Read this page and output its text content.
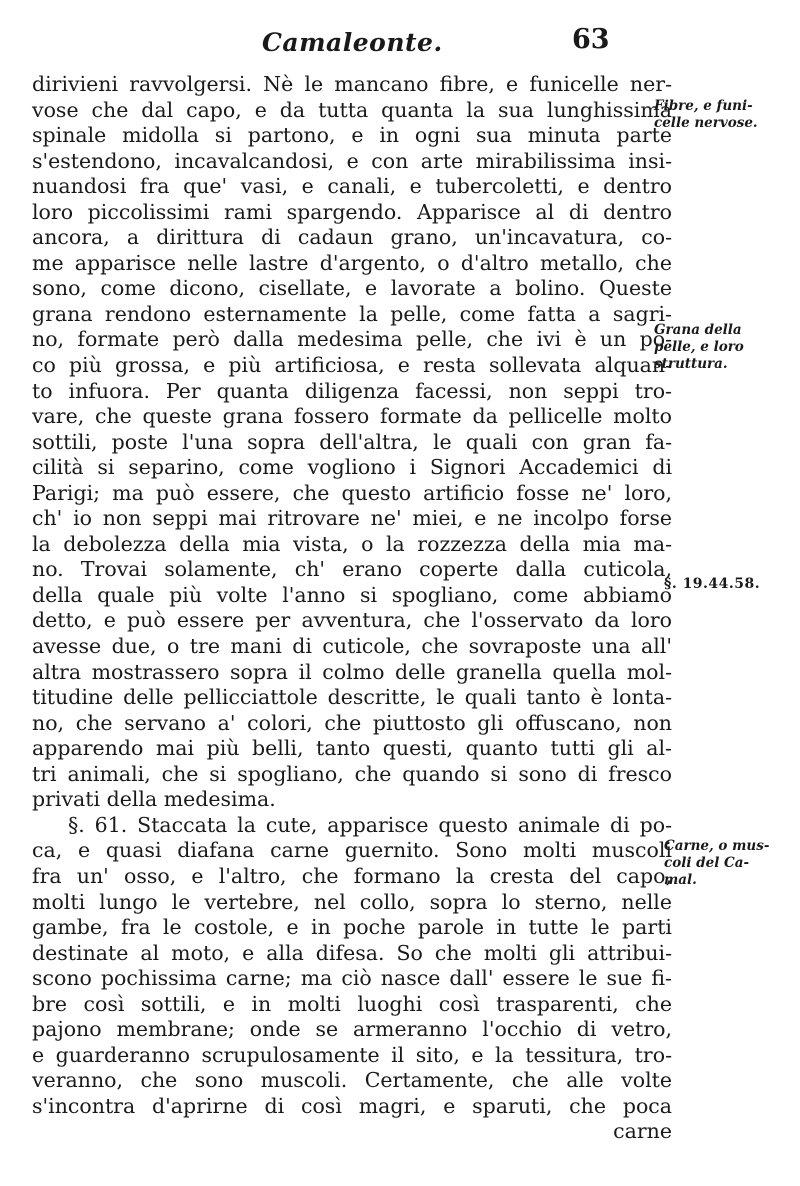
Camaleonte.	63
dirivieni ravvolgersi. Nè le mancano fibre, e funicelle ner-
vose che dal capo, e da tutta quanta la sua lunghissima
spinale midolla si partono, e in ogni sua minuta parte
s'estendono, incavalcandosi, e con arte mirabilissima insi-
nuandosi fra que' vasi, e canali, e tubercoletti, e dentro
loro piccolissimi rami spargendo. Apparisce al di dentro
ancora, a dirittura di cadaun grano, un'incavatura, co-
me apparisce nelle lastre d'argento, o d'altro metallo, che
sono, come dicono, cisellate, e lavorate a bolino. Queste
grana rendono esternamente la pelle, come fatta a sagri-
no, formate però dalla medesima pelle, che ivi è un po-
co più grossa, e più artificiosa, e resta sollevata alquan-
to infuora. Per quanta diligenza facessi, non seppi tro-
vare, che queste grana fossero formate da pellicelle molto
sottili, poste l'una sopra dell'altra, le quali con gran fa-
cilità si separino, come vogliono i Signori Accademici di
Parigi; ma può essere, che questo artificio fosse ne' loro,
ch' io non seppi mai ritrovare ne' miei, e ne incolpo forse
la debolezza della mia vista, o la rozzezza della mia ma-
no. Trovai solamente, ch' erano coperte dalla cuticola,
della quale più volte l'anno si spogliano, come abbiamo
detto, e può essere per avventura, che l'osservato da loro
avesse due, o tre mani di cuticole, che sovraposte una all'
altra mostrassero sopra il colmo delle granella quella mol-
titudine delle pellicciattole descritte, le quali tanto è lonta-
no, che servano a' colori, che piuttosto gli offuscano, non
apparendo mai più belli, tanto questi, quanto tutti gli al-
tri animali, che si spogliano, che quando si sono di fresco
privati della medesima.
§. 61. Staccata la cute, apparisce questo animale di po-
ca, e quasi diafana carne guernito. Sono molti muscoli
fra un' osso, e l'altro, che formano la cresta del capo,
molti lungo le vertebre, nel collo, sopra lo sterno, nelle
gambe, fra le costole, e in poche parole in tutte le parti
destinate al moto, e alla difesa. So che molti gli attribui-
scono pochissima carne; ma ciò nasce dall' essere le sue fi-
bre così sottili, e in molti luoghi così trasparenti, che
pajono membrane; onde se armeranno l'occhio di vetro,
e guarderanno scrupulosamente il sito, e la tessitura, tro-
veranno, che sono muscoli. Certamente, che alle volte
s'incontra d'aprirne di così magri, e sparuti, che poca
carne
Fibre, e funi-
celle nervose.
Grana della
pelle, e loro
struttura.
§. 19.44.58.
Carne, o mus-
coli del Ca-
mal.
